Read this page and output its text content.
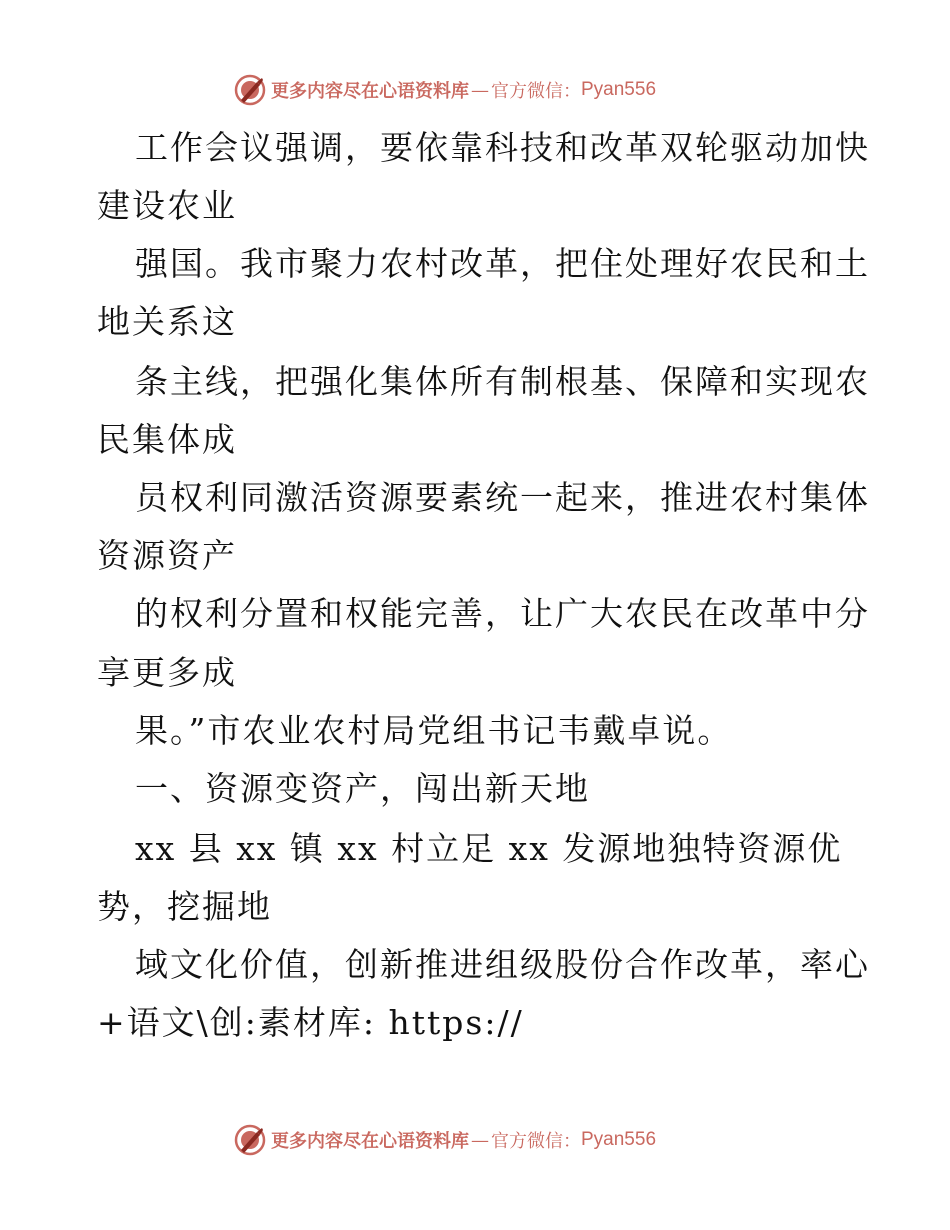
更多内容尽在心语资料库 — 官方微信： Pyan556
工作会议强调，要依靠科技和改革双轮驱动加快
建设农业
强国。我市聚力农村改革，把住处理好农民和土
地关系这
条主线，把强化集体所有制根基、保障和实现农
民集体成
员权利同激活资源要素统一起来，推进农村集体
资源资产
的权利分置和权能完善，让广大农民在改革中分
享更多成
果。”市农业农村局党组书记韦戴卓说。
一、资源变资产，闯出新天地
xx 县 xx 镇 xx 村立足 xx 发源地独特资源优
势，挖掘地
域文化价值，创新推进组级股份合作改革，率心
+语文\创:素材库: https://
更多内容尽在心语资料库 — 官方微信： Pyan556
